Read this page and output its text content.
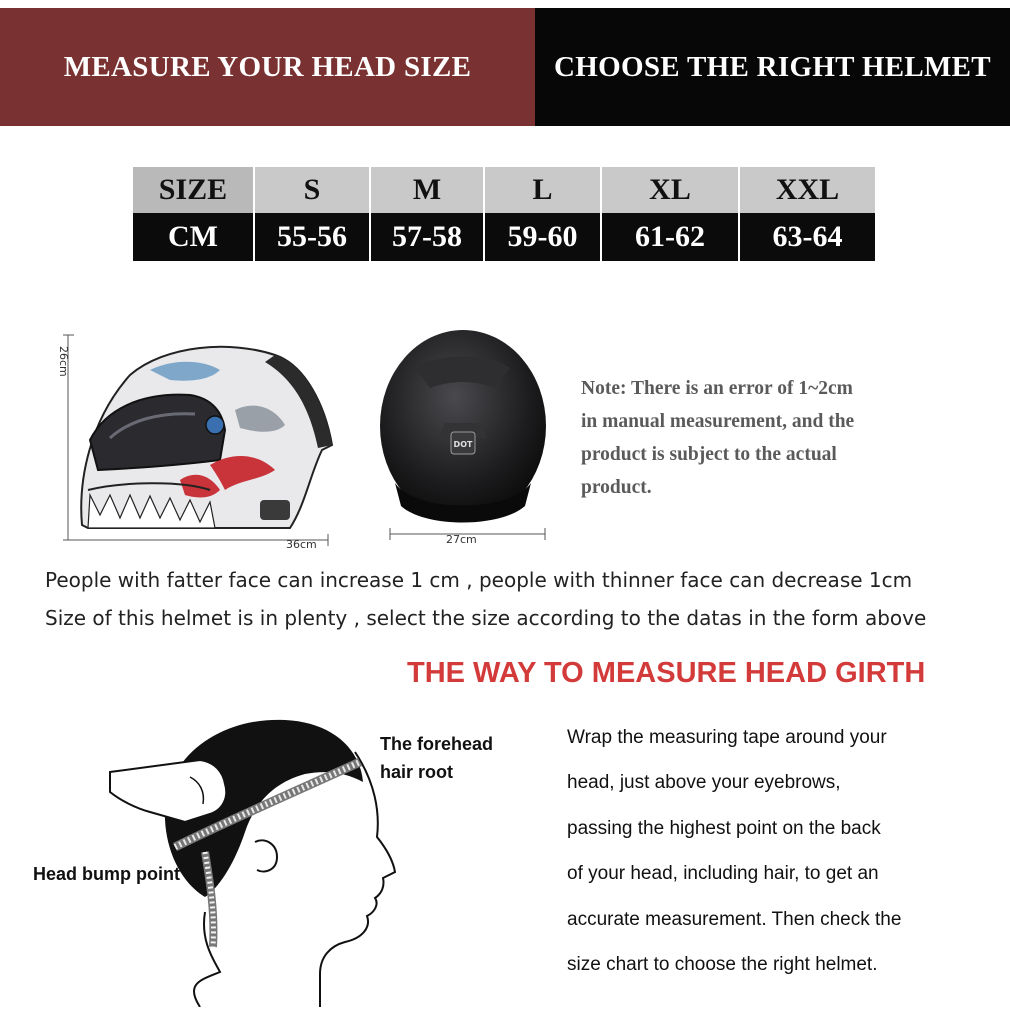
MEASURE YOUR HEAD SIZE	CHOOSE THE RIGHT HELMET
SIZE	S	M	L	XL	XXL
CM	55-56	57-58	59-60	61-62	63-64
26cm
36cm
DOT
27cm
Note: There is an error of 1~2cm
in manual measurement, and the
product is subject to the actual
product.
People with fatter face can increase 1 cm , people with thinner face can decrease 1cm
Size of this helmet is in plenty , select the size according to the datas in the form above
THE WAY TO MEASURE HEAD GIRTH
The forehead
hair root
Head bump point
Wrap the measuring tape around your
head, just above your eyebrows,
passing the highest point on the back
of your head, including hair, to get an
accurate measurement. Then check the
size chart to choose the right helmet.
